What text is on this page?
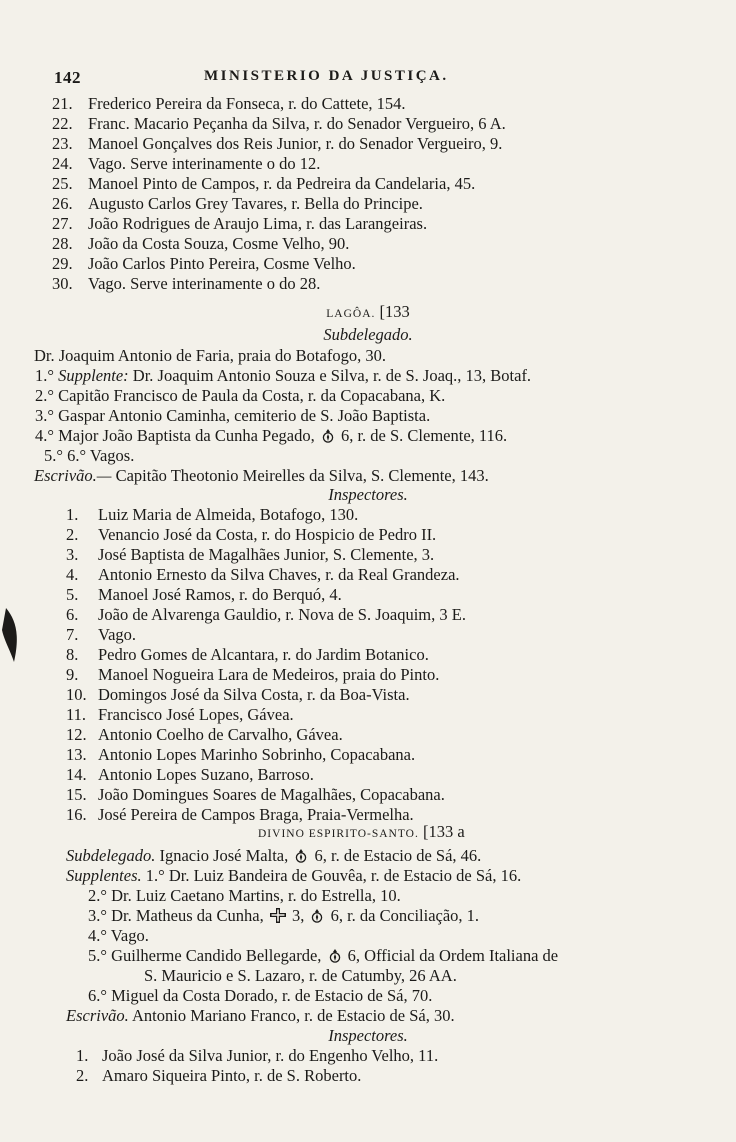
142	MINISTERIO DA JUSTIÇA.
21. Frederico Pereira da Fonseca, r. do Cattete, 154.
22. Franc. Macario Peçanha da Silva, r. do Senador Vergueiro, 6 A.
23. Manoel Gonçalves dos Reis Junior, r. do Senador Vergueiro, 9.
24. Vago. Serve interinamente o do 12.
25. Manoel Pinto de Campos, r. da Pedreira da Candelaria, 45.
26. Augusto Carlos Grey Tavares, r. Bella do Principe.
27. João Rodrigues de Araujo Lima, r. das Larangeiras.
28. João da Costa Souza, Cosme Velho, 90.
29. João Carlos Pinto Pereira, Cosme Velho.
30. Vago. Serve interinamente o do 28.
LAGÔA. [133
Subdelegado.
Dr. Joaquim Antonio de Faria, praia do Botafogo, 30.
1.° Supplente: Dr. Joaquim Antonio Souza e Silva, r. de S. Joaq., 13, Botaf.
2.° Capitão Francisco de Paula da Costa, r. da Copacabana, K.
3.° Gaspar Antonio Caminha, cemiterio de S. João Baptista.
4.° Major João Baptista da Cunha Pegado, 6, r. de S. Clemente, 116.
5.° 6.° Vagos.
Escrivão.— Capitão Theotonio Meirelles da Silva, S. Clemente, 143.
Inspectores.
1. Luiz Maria de Almeida, Botafogo, 130.
2. Venancio José da Costa, r. do Hospicio de Pedro II.
3. José Baptista de Magalhães Junior, S. Clemente, 3.
4. Antonio Ernesto da Silva Chaves, r. da Real Grandeza.
5. Manoel José Ramos, r. do Berquó, 4.
6. João de Alvarenga Gauldio, r. Nova de S. Joaquim, 3 E.
7. Vago.
8. Pedro Gomes de Alcantara, r. do Jardim Botanico.
9. Manoel Nogueira Lara de Medeiros, praia do Pinto.
10. Domingos José da Silva Costa, r. da Boa-Vista.
11. Francisco José Lopes, Gávea.
12. Antonio Coelho de Carvalho, Gávea.
13. Antonio Lopes Marinho Sobrinho, Copacabana.
14. Antonio Lopes Suzano, Barroso.
15. João Domingues Soares de Magalhães, Copacabana.
16. José Pereira de Campos Braga, Praia-Vermelha.
DIVINO ESPIRITO-SANTO. [133 a
Subdelegado. Ignacio José Malta, 6, r. de Estacio de Sá, 46.
Supplentes. 1.° Dr. Luiz Bandeira de Gouvêa, r. de Estacio de Sá, 16.
2.° Dr. Luiz Caetano Martins, r. do Estrella, 10.
3.° Dr. Matheus da Cunha, 3, 6, r. da Conciliação, 1.
4.° Vago.
5.° Guilherme Candido Bellegarde, 6, Official da Ordem Italiana de
S. Mauricio e S. Lazaro, r. de Catumby, 26 AA.
6.° Miguel da Costa Dorado, r. de Estacio de Sá, 70.
Escrivão. Antonio Mariano Franco, r. de Estacio de Sá, 30.
Inspectores.
1. João José da Silva Junior, r. do Engenho Velho, 11.
2. Amaro Siqueira Pinto, r. de S. Roberto.
